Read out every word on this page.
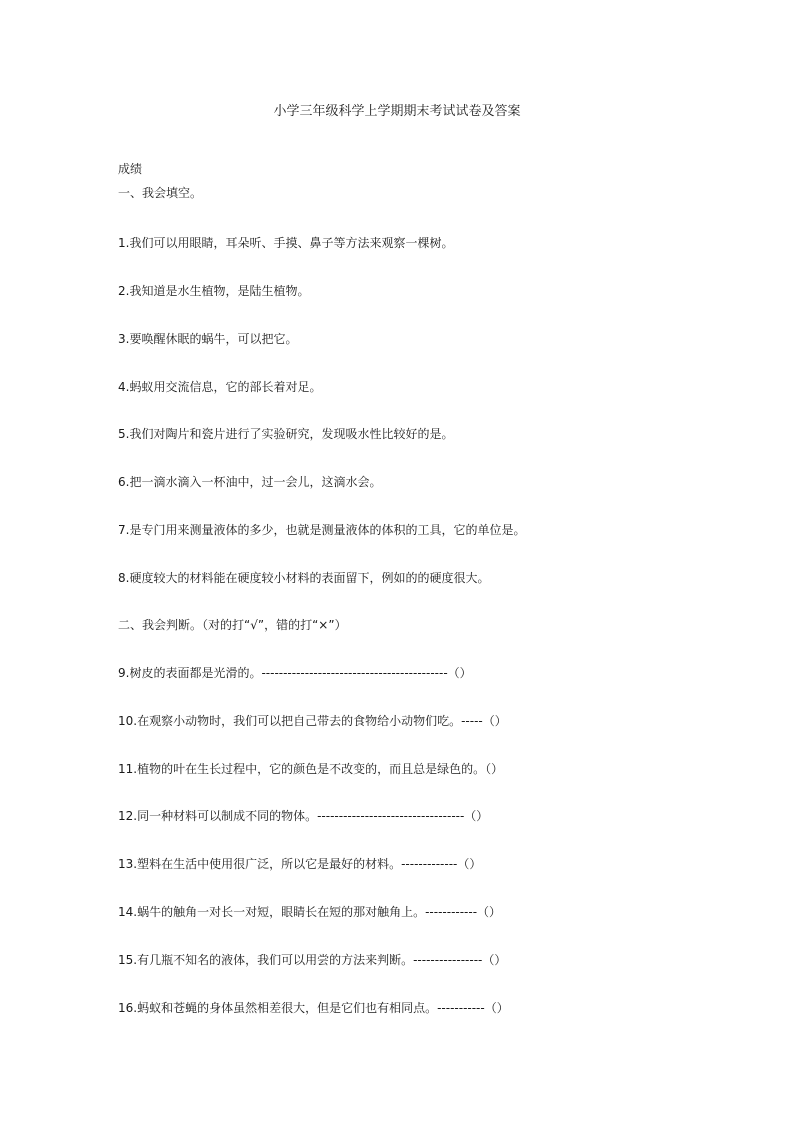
小学三年级科学上学期期末考试试卷及答案
成绩
一、我会填空。
1.我们可以用眼睛，耳朵听、手摸、鼻子等方法来观察一棵树。
2.我知道是水生植物，是陆生植物。
3.要唤醒休眠的蜗牛，可以把它。
4.蚂蚁用交流信息，它的部长着对足。
5.我们对陶片和瓷片进行了实验研究，发现吸水性比较好的是。
6.把一滴水滴入一杯油中，过一会儿，这滴水会。
7.是专门用来测量液体的多少，也就是测量液体的体积的工具，它的单位是。
8.硬度较大的材料能在硬度较小材料的表面留下，例如的的硬度很大。
二、我会判断。（对的打“√”，错的打“×”）
9.树皮的表面都是光滑的。-------------------------------------------（）
10.在观察小动物时，我们可以把自己带去的食物给小动物们吃。-----（）
11.植物的叶在生长过程中，它的颜色是不改变的，而且总是绿色的。（）
12.同一种材料可以制成不同的物体。----------------------------------（）
13.塑料在生活中使用很广泛，所以它是最好的材料。-------------（）
14.蜗牛的触角一对长一对短，眼睛长在短的那对触角上。------------（）
15.有几瓶不知名的液体，我们可以用尝的方法来判断。----------------（）
16.蚂蚁和苍蝇的身体虽然相差很大，但是它们也有相同点。-----------（）
